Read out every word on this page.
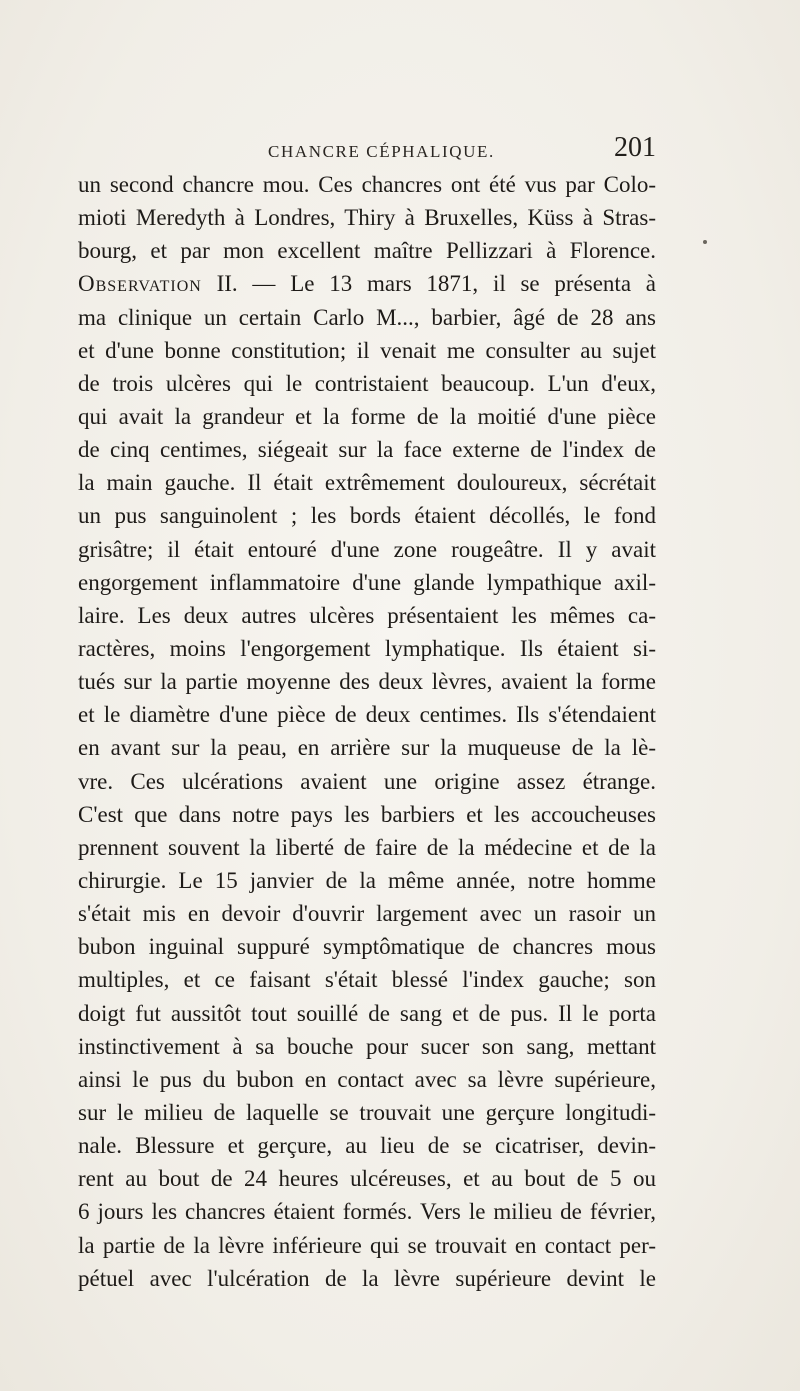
CHANCRE CÉPHALIQUE.	201
un second chancre mou. Ces chancres ont été vus par Colo-
mioti Meredyth à Londres, Thiry à Bruxelles, Küss à Stras-
bourg, et par mon excellent maître Pellizzari à Florence.
Observation II. — Le 13 mars 1871, il se présenta à
ma clinique un certain Carlo M..., barbier, âgé de 28 ans
et d'une bonne constitution; il venait me consulter au sujet
de trois ulcères qui le contristaient beaucoup. L'un d'eux,
qui avait la grandeur et la forme de la moitié d'une pièce
de cinq centimes, siégeait sur la face externe de l'index de
la main gauche. Il était extrêmement douloureux, sécrétait
un pus sanguinolent ; les bords étaient décollés, le fond
grisâtre; il était entouré d'une zone rougeâtre. Il y avait
engorgement inflammatoire d'une glande lympathique axil-
laire. Les deux autres ulcères présentaient les mêmes ca-
ractères, moins l'engorgement lymphatique. Ils étaient si-
tués sur la partie moyenne des deux lèvres, avaient la forme
et le diamètre d'une pièce de deux centimes. Ils s'étendaient
en avant sur la peau, en arrière sur la muqueuse de la lè-
vre. Ces ulcérations avaient une origine assez étrange.
C'est que dans notre pays les barbiers et les accoucheuses
prennent souvent la liberté de faire de la médecine et de la
chirurgie. Le 15 janvier de la même année, notre homme
s'était mis en devoir d'ouvrir largement avec un rasoir un
bubon inguinal suppuré symptômatique de chancres mous
multiples, et ce faisant s'était blessé l'index gauche; son
doigt fut aussitôt tout souillé de sang et de pus. Il le porta
instinctivement à sa bouche pour sucer son sang, mettant
ainsi le pus du bubon en contact avec sa lèvre supérieure,
sur le milieu de laquelle se trouvait une gerçure longitudi-
nale. Blessure et gerçure, au lieu de se cicatriser, devin-
rent au bout de 24 heures ulcéreuses, et au bout de 5 ou
6 jours les chancres étaient formés. Vers le milieu de février,
la partie de la lèvre inférieure qui se trouvait en contact per-
pétuel avec l'ulcération de la lèvre supérieure devint le
